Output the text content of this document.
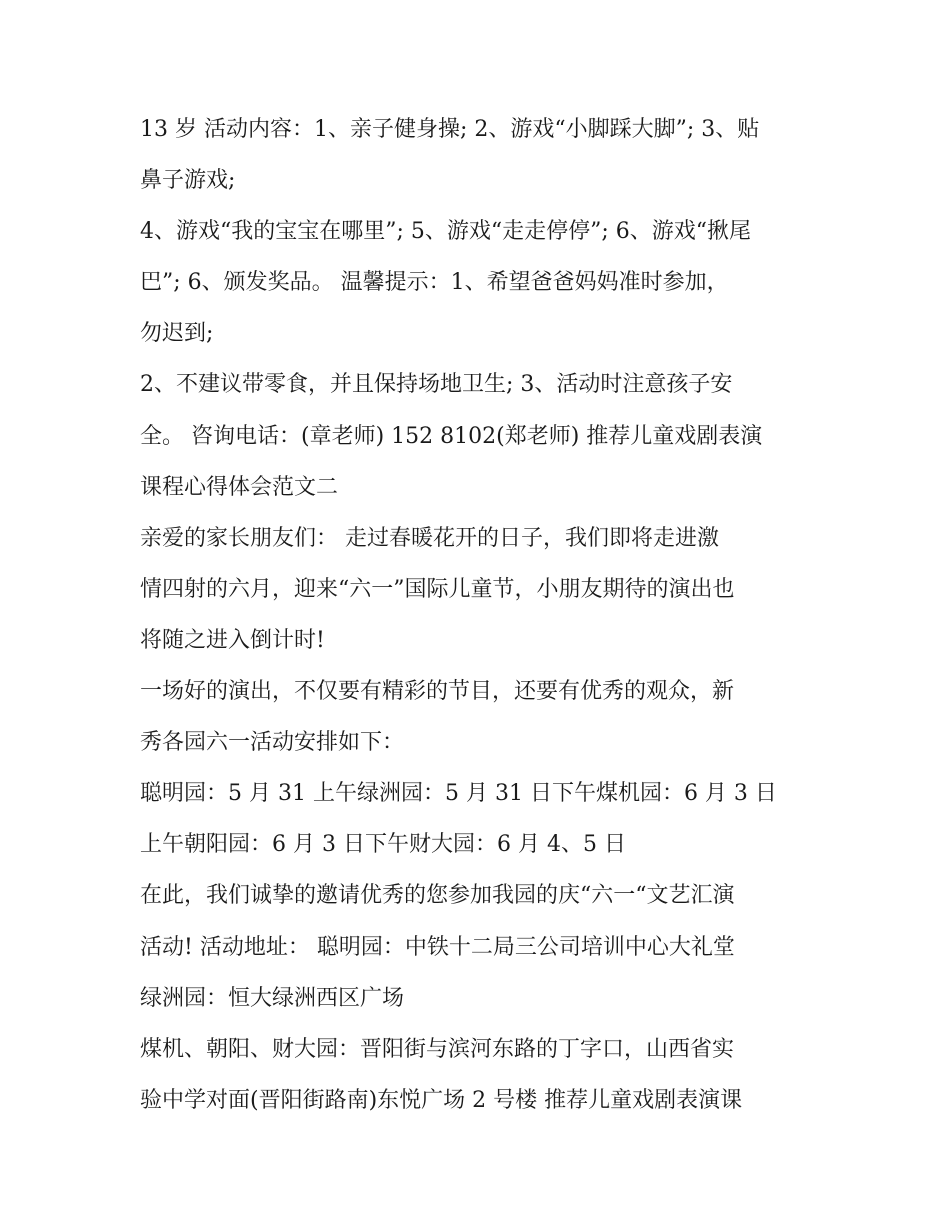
13 岁 活动内容：1、亲子健身操; 2、游戏“小脚踩大脚”; 3、贴
鼻子游戏;
4、游戏“我的宝宝在哪里”; 5、游戏“走走停停”; 6、游戏“揪尾
巴”; 6、颁发奖品。 温馨提示：1、希望爸爸妈妈准时参加，
勿迟到;
2、不建议带零食，并且保持场地卫生; 3、活动时注意孩子安
全。 咨询电话：(章老师) 152 8102(郑老师) 推荐儿童戏剧表演
课程心得体会范文二
亲爱的家长朋友们： 走过春暖花开的日子，我们即将走进激
情四射的六月，迎来“六一”国际儿童节，小朋友期待的演出也
将随之进入倒计时!
一场好的演出，不仅要有精彩的节目，还要有优秀的观众，新
秀各园六一活动安排如下：
聪明园：5 月 31 上午绿洲园：5 月 31 日下午煤机园：6 月 3 日
上午朝阳园：6 月 3 日下午财大园：6 月 4、5 日
在此，我们诚挚的邀请优秀的您参加我园的庆“六一“文艺汇演
活动! 活动地址： 聪明园：中铁十二局三公司培训中心大礼堂
绿洲园：恒大绿洲西区广场
煤机、朝阳、财大园：晋阳街与滨河东路的丁字口，山西省实
验中学对面(晋阳街路南)东悦广场 2 号楼 推荐儿童戏剧表演课
